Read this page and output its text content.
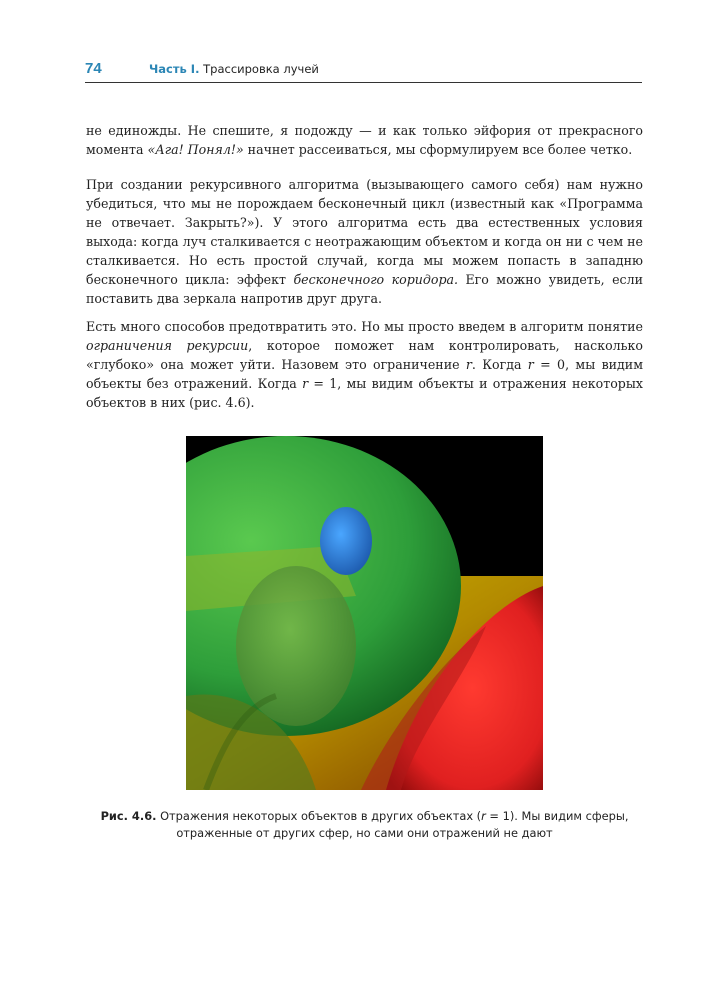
74	Часть I. Трассировка лучей

не единожды. Не спешите, я подожду — и как только эйфория от прекрасного момента «Ага! Понял!» начнет рассеиваться, мы сформулируем все более четко.

При создании рекурсивного алгоритма (вызывающего самого себя) нам нужно убедиться, что мы не порождаем бесконечный цикл (известный как «Программа не отвечает. Закрыть?»). У этого алгоритма есть два естественных условия выхода: когда луч сталкивается с неотражающим объектом и когда он ни с чем не сталкивается. Но есть простой случай, когда мы можем попасть в западню бесконечного цикла: эффект бесконечного коридора. Его можно увидеть, если поставить два зеркала напротив друг друга.

Есть много способов предотвратить это. Но мы просто введем в алгоритм понятие ограничения рекурсии, которое поможет нам контролировать, насколько «глубоко» она может уйти. Назовем это ограничение r. Когда r = 0, мы видим объекты без отражений. Когда r = 1, мы видим объекты и отражения некоторых объектов в них (рис. 4.6).

Рис. 4.6. Отражения некоторых объектов в других объектах (r = 1). Мы видим сферы, отраженные от других сфер, но сами они отражений не дают
